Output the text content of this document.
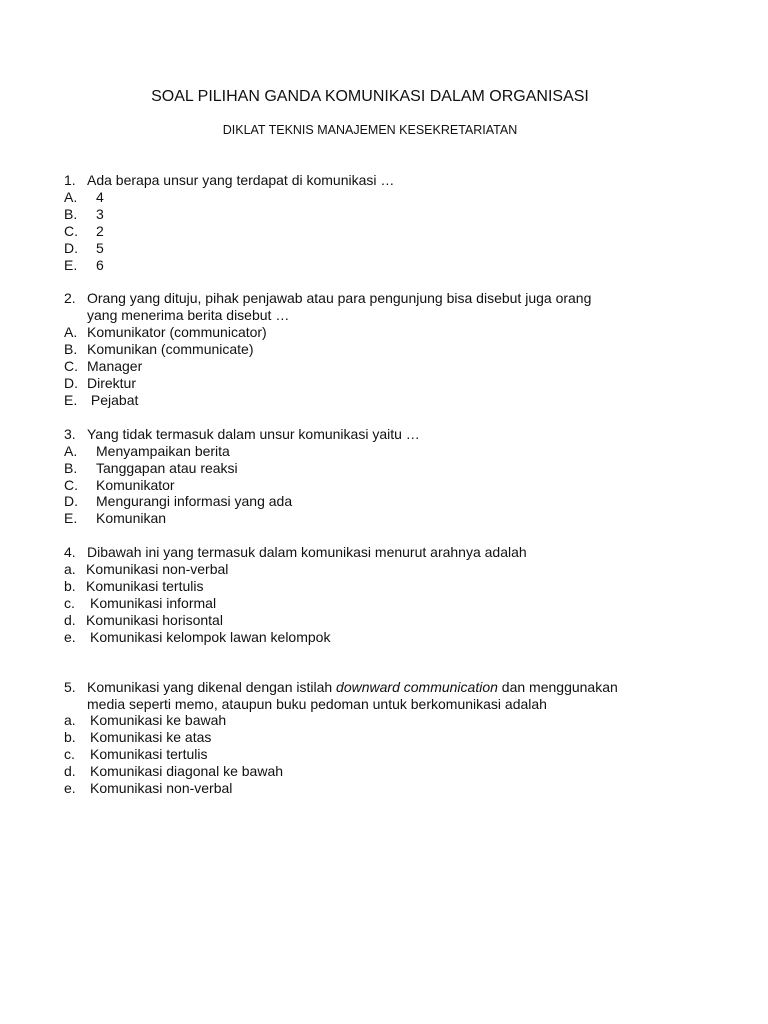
SOAL PILIHAN GANDA KOMUNIKASI DALAM ORGANISASI
DIKLAT TEKNIS MANAJEMEN KESEKRETARIATAN
1. Ada berapa unsur yang terdapat di komunikasi …
A.	4
B.	3
C.	2
D.	5
E.	6
2. Orang yang dituju, pihak penjawab atau para pengunjung bisa disebut juga orang
yang menerima berita disebut …
A. Komunikator (communicator)
B. Komunikan (communicate)
C. Manager
D. Direktur
E. Pejabat
3. Yang tidak termasuk dalam unsur komunikasi yaitu …
A.	Menyampaikan berita
B.	Tanggapan atau reaksi
C.	Komunikator
D.	Mengurangi informasi yang ada
E.	Komunikan
4. Dibawah ini yang termasuk dalam komunikasi menurut arahnya adalah
a. Komunikasi non-verbal
b. Komunikasi tertulis
c.	Komunikasi informal
d. Komunikasi horisontal
e.	Komunikasi kelompok lawan kelompok
5. Komunikasi yang dikenal dengan istilah downward communication dan menggunakan
media seperti memo, ataupun buku pedoman untuk berkomunikasi adalah
a.	Komunikasi ke bawah
b.	Komunikasi ke atas
c.	Komunikasi tertulis
d.	Komunikasi diagonal ke bawah
e.	Komunikasi non-verbal
